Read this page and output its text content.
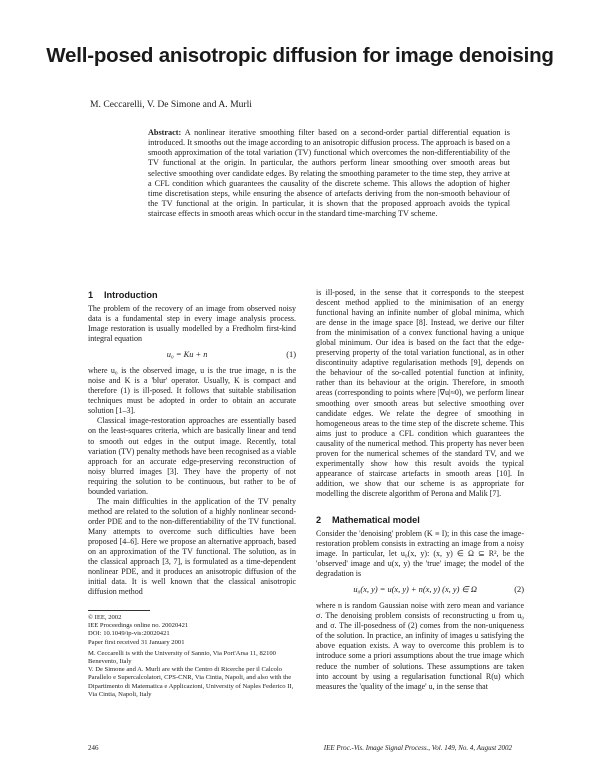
Well-posed anisotropic diffusion for image denoising
M. Ceccarelli, V. De Simone and A. Murli
Abstract: A nonlinear iterative smoothing filter based on a second-order partial differential equation is introduced. It smooths out the image according to an anisotropic diffusion process. The approach is based on a smooth approximation of the total variation (TV) functional which overcomes the non-differentiability of the TV functional at the origin. In particular, the authors perform linear smoothing over smooth areas but selective smoothing over candidate edges. By relating the smoothing parameter to the time step, they arrive at a CFL condition which guarantees the causality of the discrete scheme. This allows the adoption of higher time discretisation steps, while ensuring the absence of artefacts deriving from the non-smooth behaviour of the TV functional at the origin. In particular, it is shown that the proposed approach avoids the typical staircase effects in smooth areas which occur in the standard time-marching TV scheme.
1 Introduction

The problem of the recovery of an image from observed noisy data is a fundamental step in every image analysis process. Image restoration is usually modelled by a Fredholm first-kind integral equation

u₀ = Ku + n	(1)

where u₀ is the observed image, u is the true image, n is the noise and K is a 'blur' operator. Usually, K is compact and therefore (1) is ill-posed. It follows that suitable stabilisation techniques must be adopted in order to obtain an accurate solution [1–3].

Classical image-restoration approaches are essentially based on the least-squares criteria, which are basically linear and tend to smooth out edges in the output image. Recently, total variation (TV) penalty methods have been recognised as a viable approach for an accurate edge-preserving reconstruction of noisy blurred images [3]. They have the property of not requiring the solution to be continuous, but rather to be of bounded variation.

The main difficulties in the application of the TV penalty method are related to the solution of a highly nonlinear second-order PDE and to the non-differentiability of the TV functional. Many attempts to overcome such difficulties have been proposed [4–6]. Here we propose an alternative approach, based on an approximation of the TV functional. The solution, as in the classical approach [3, 7], is formulated as a time-dependent nonlinear PDE, and it produces an anisotropic diffusion of the initial data. It is well known that the classical anisotropic diffusion method

is ill-posed, in the sense that it corresponds to the steepest descent method applied to the minimisation of an energy functional having an infinite number of global minima, which are dense in the image space [8]. Instead, we derive our filter from the minimisation of a convex functional having a unique global minimum. Our idea is based on the fact that the edge-preserving property of the total variation functional, as in other discontinuity adaptive regularisation methods [9], depends on the behaviour of the so-called potential function at infinity, rather than its behaviour at the origin. Therefore, in smooth areas (corresponding to points where |∇u|≈0), we perform linear smoothing over smooth areas but selective smoothing over candidate edges. We relate the degree of smoothing in homogeneous areas to the time step of the discrete scheme. This aims just to produce a CFL condition which guarantees the causality of the numerical method. This property has never been proven for the numerical schemes of the standard TV, and we experimentally show how this result avoids the typical appearance of staircase artefacts in smooth areas [10]. In addition, we show that our scheme is as appropriate for modelling the discrete algorithm of Perona and Malik [7].

2 Mathematical model

Consider the 'denoising' problem (K ≡ I); in this case the image-restoration problem consists in extracting an image from a noisy image. In particular, let u₀(x, y): (x, y) ∈ Ω ⊆ R², be the 'observed' image and u(x, y) the 'true' image; the model of the degradation is

u₀(x, y) = u(x, y) + n(x, y) (x, y) ∈ Ω	(2)

where n is random Gaussian noise with zero mean and variance σ. The denoising problem consists of reconstructing u from u₀ and σ. The ill-posedness of (2) comes from the non-uniqueness of the solution. In practice, an infinity of images u satisfying the above equation exists. A way to overcome this problem is to introduce some a priori assumptions about the true image which reduce the number of solutions. These assumptions are taken into account by using a regularisation functional R(u) which measures the 'quality of the image' u, in the sense that

© IEE, 2002
IEE Proceedings online no. 20020421
DOI: 10.1049/ip-vis:20020421
Paper first received 31 January 2001
M. Ceccarelli is with the University of Sannio, Via Port'Arsa 11, 82100 Benevento, Italy
V. De Simone and A. Murli are with the Centro di Ricerche per il Calcolo Parallelo e Supercalcolatori, CPS-CNR, Via Cintia, Napoli, and also with the Dipartimento di Matematica e Applicazioni, University of Naples Federico II, Via Cintia, Napoli, Italy
246	IEE Proc.-Vis. Image Signal Process., Vol. 149, No. 4, August 2002
